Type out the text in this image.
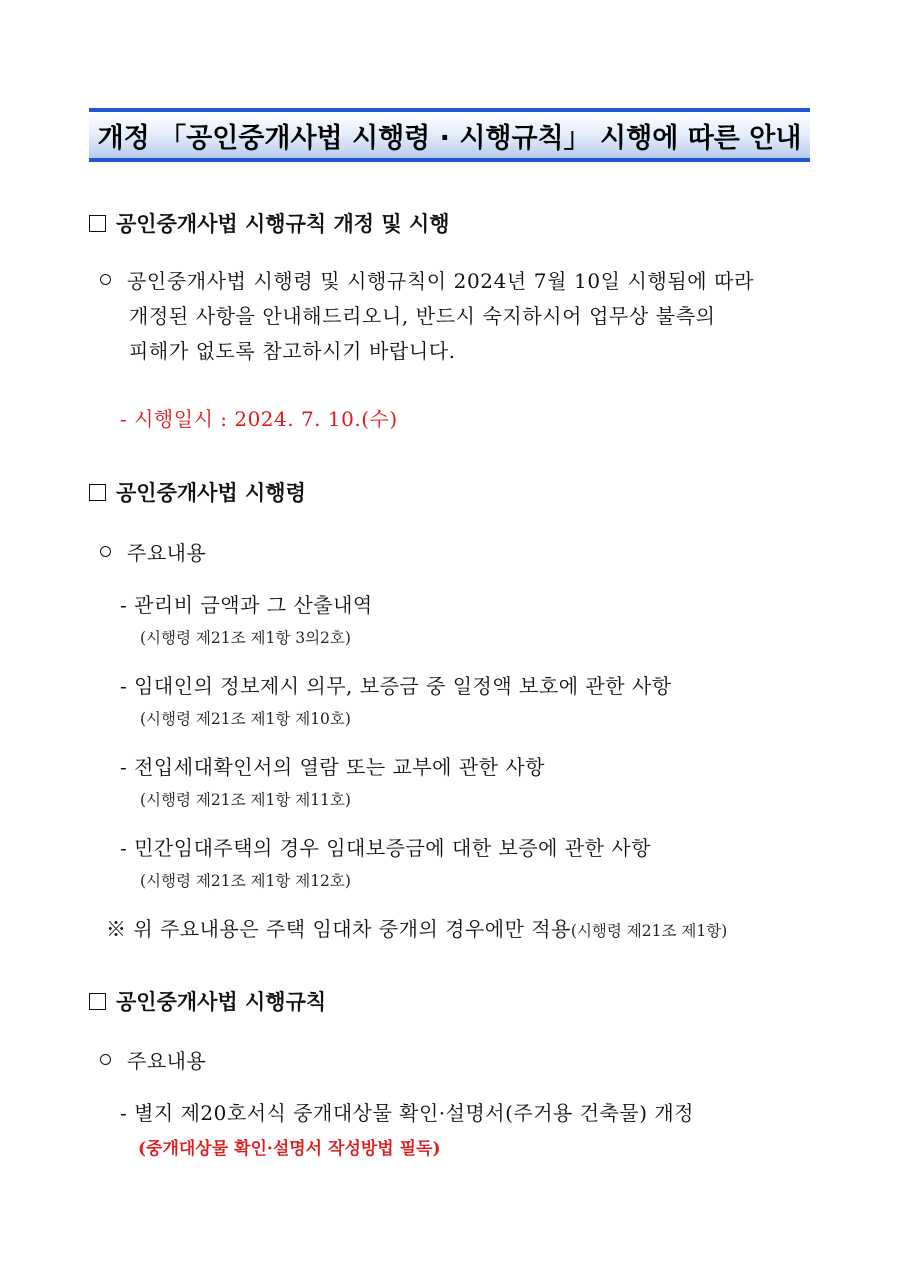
개정 「공인중개사법 시행령 · 시행규칙」 시행에 따른 안내
공인중개사법 시행규칙 개정 및 시행
공인중개사법 시행령 및 시행규칙이 2024년 7월 10일 시행됨에 따라
개정된 사항을 안내해드리오니, 반드시 숙지하시어 업무상 불측의
피해가 없도록 참고하시기 바랍니다.
- 시행일시 : 2024. 7. 10.(수)
공인중개사법 시행령
주요내용
- 관리비 금액과 그 산출내역
(시행령 제21조 제1항 3의2호)
- 임대인의 정보제시 의무, 보증금 중 일정액 보호에 관한 사항
(시행령 제21조 제1항 제10호)
- 전입세대확인서의 열람 또는 교부에 관한 사항
(시행령 제21조 제1항 제11호)
- 민간임대주택의 경우 임대보증금에 대한 보증에 관한 사항
(시행령 제21조 제1항 제12호)
※ 위 주요내용은 주택 임대차 중개의 경우에만 적용(시행령 제21조 제1항)
공인중개사법 시행규칙
주요내용
- 별지 제20호서식 중개대상물 확인·설명서(주거용 건축물) 개정
(중개대상물 확인·설명서 작성방법 필독)
